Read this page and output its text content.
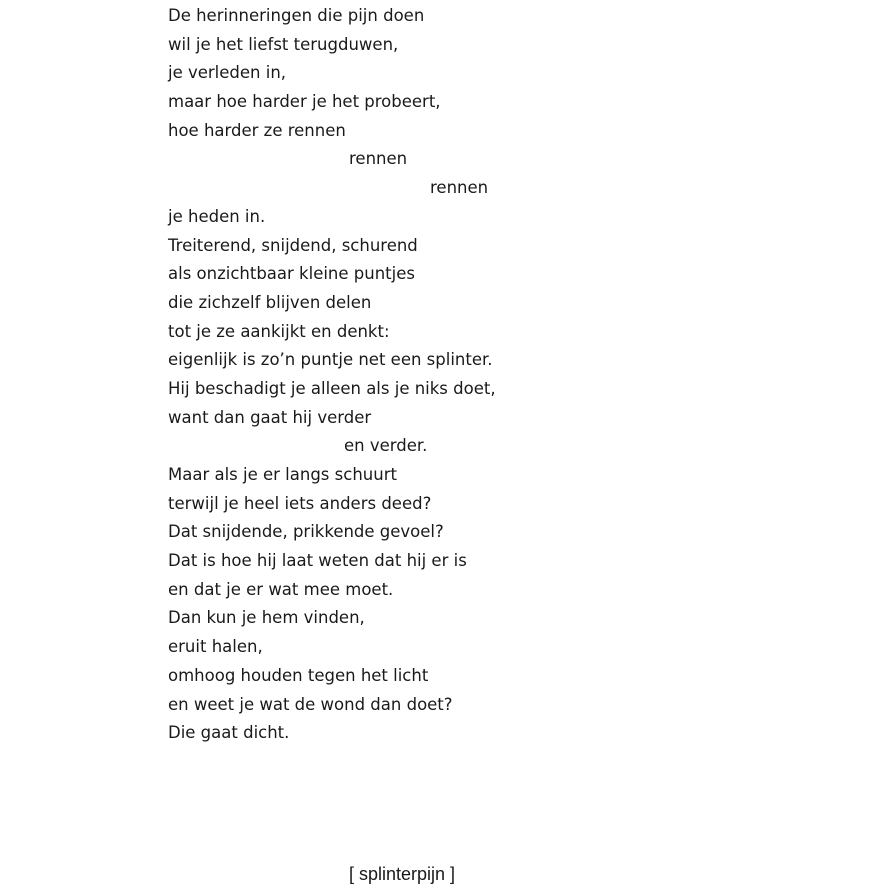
De herinneringen die pijn doen
wil je het liefst terugduwen,
je verleden in,
maar hoe harder je het probeert,
hoe harder ze rennen
rennen
rennen
je heden in.
Treiterend, snijdend, schurend
als onzichtbaar kleine puntjes
die zichzelf blijven delen
tot je ze aankijkt en denkt:
eigenlijk is zo’n puntje net een splinter.
Hij beschadigt je alleen als je niks doet,
want dan gaat hij verder
en verder.
Maar als je er langs schuurt
terwijl je heel iets anders deed?
Dat snijdende, prikkende gevoel?
Dat is hoe hij laat weten dat hij er is
en dat je er wat mee moet.
Dan kun je hem vinden,
eruit halen,
omhoog houden tegen het licht
en weet je wat de wond dan doet?
Die gaat dicht.
[ splinterpijn ]
